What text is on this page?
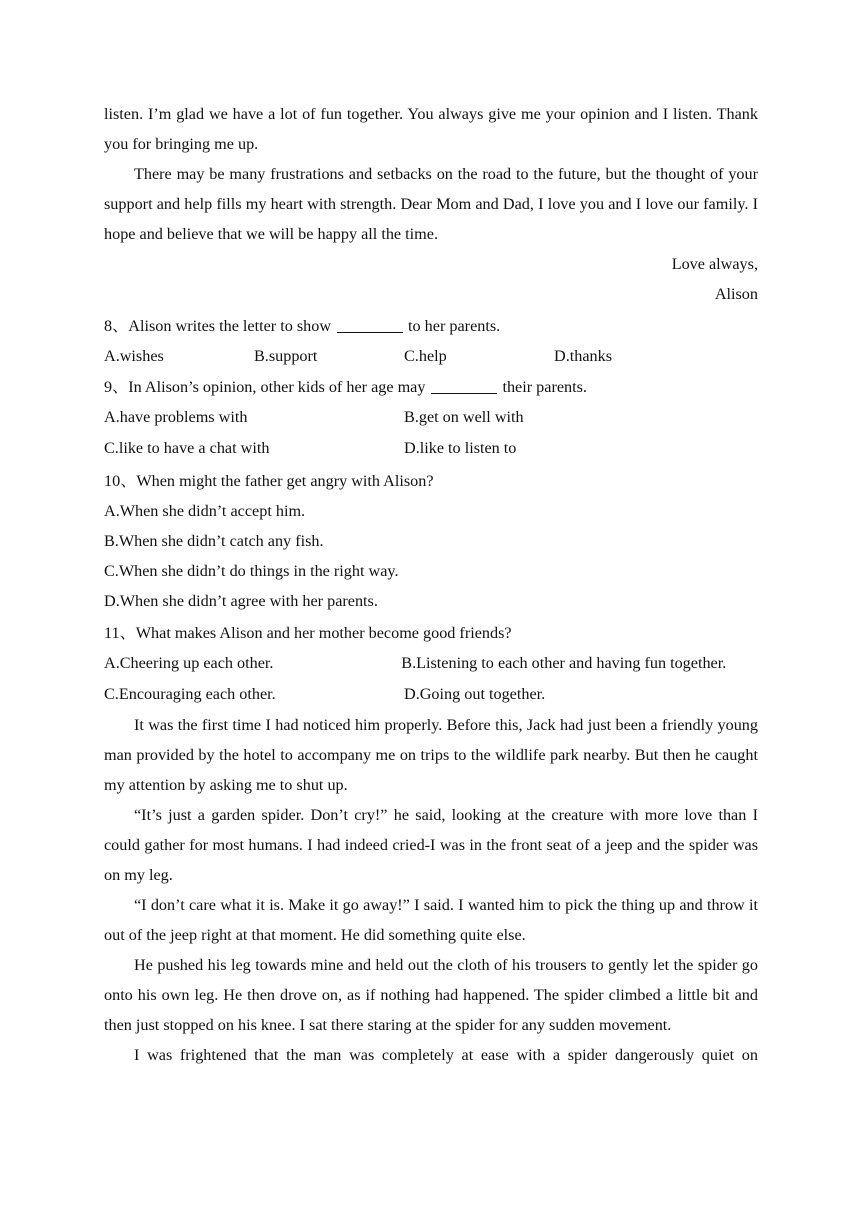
listen. I’m glad we have a lot of fun together. You always give me your opinion and I listen. Thank you for bringing me up.

There may be many frustrations and setbacks on the road to the future, but the thought of your support and help fills my heart with strength. Dear Mom and Dad, I love you and I love our family. I hope and believe that we will be happy all the time.

Love always,

Alison

8、Alison writes the letter to show	to her parents.

A.wishes	B.support	C.help	D.thanks

9、In Alison’s opinion, other kids of her age may	their parents.

A.have problems with	B.get on well with
C.like to have a chat with	D.like to listen to

10、When might the father get angry with Alison?

A.When she didn’t accept him.

B.When she didn’t catch any fish.

C.When she didn’t do things in the right way.

D.When she didn’t agree with her parents.

11、What makes Alison and her mother become good friends?

A.Cheering up each other.	B.Listening to each other and having fun together.
C.Encouraging each other.	D.Going out together.

It was the first time I had noticed him properly. Before this, Jack had just been a friendly young man provided by the hotel to accompany me on trips to the wildlife park nearby. But then he caught my attention by asking me to shut up.

“It’s just a garden spider. Don’t cry!” he said, looking at the creature with more love than I could gather for most humans. I had indeed cried-I was in the front seat of a jeep and the spider was on my leg.

“I don’t care what it is. Make it go away!” I said. I wanted him to pick the thing up and throw it out of the jeep right at that moment. He did something quite else.

He pushed his leg towards mine and held out the cloth of his trousers to gently let the spider go onto his own leg. He then drove on, as if nothing had happened. The spider climbed a little bit and then just stopped on his knee. I sat there staring at the spider for any sudden movement.

I was frightened that the man was completely at ease with a spider dangerously quiet on
